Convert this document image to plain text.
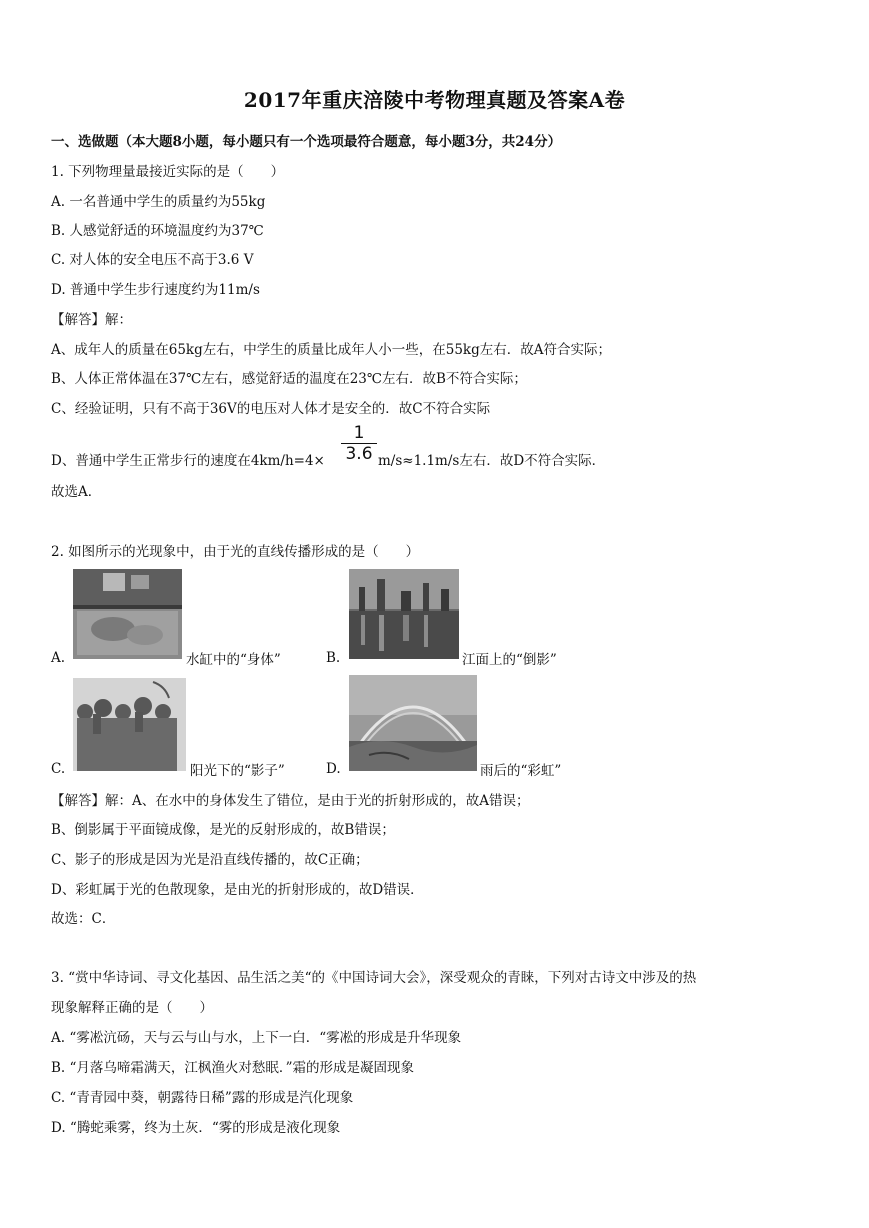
2017年重庆涪陵中考物理真题及答案A卷
一、选做题（本大题8小题，每小题只有一个选项最符合题意，每小题3分，共24分）
1. 下列物理量最接近实际的是（　　）
A. 一名普通中学生的质量约为55kg
B. 人感觉舒适的环境温度约为37℃
C. 对人体的安全电压不高于3.6 V
D. 普通中学生步行速度约为11m/s
【解答】解：
A、成年人的质量在65kg左右，中学生的质量比成年人小一些，在55kg左右．故A符合实际；
B、人体正常体温在37℃左右，感觉舒适的温度在23℃左右．故B不符合实际；
C、经验证明，只有不高于36V的电压对人体才是安全的．故C不符合实际
D、普通中学生正常步行的速度在4km/h=4×
1
3.6 m/s≈1.1m/s左右．故D不符合实际．
故选A．
2. 如图所示的光现象中，由于光的直线传播形成的是（　　）
A.	水缸中的“身体”	B.	江面上的“倒影”
C.	阳光下的“影子”	D.	雨后的“彩虹”
【解答】解：A、在水中的身体发生了错位，是由于光的折射形成的，故A错误；
B、倒影属于平面镜成像，是光的反射形成的，故B错误；
C、影子的形成是因为光是沿直线传播的，故C正确；
D、彩虹属于光的色散现象，是由光的折射形成的，故D错误．
故选：C．
3. “赏中华诗词、寻文化基因、品生活之美“的《中国诗词大会》，深受观众的青睐，下列对古诗文中涉及的热
现象解释正确的是（　　）
A. “雾凇沆砀，天与云与山与水，上下一白．“雾凇的形成是升华现象
B. “月落乌啼霜满天，江枫渔火对愁眠．”霜的形成是凝固现象
C. “青青园中葵，朝露待日稀”露的形成是汽化现象
D. “腾蛇乘雾，终为土灰．“雾的形成是液化现象
